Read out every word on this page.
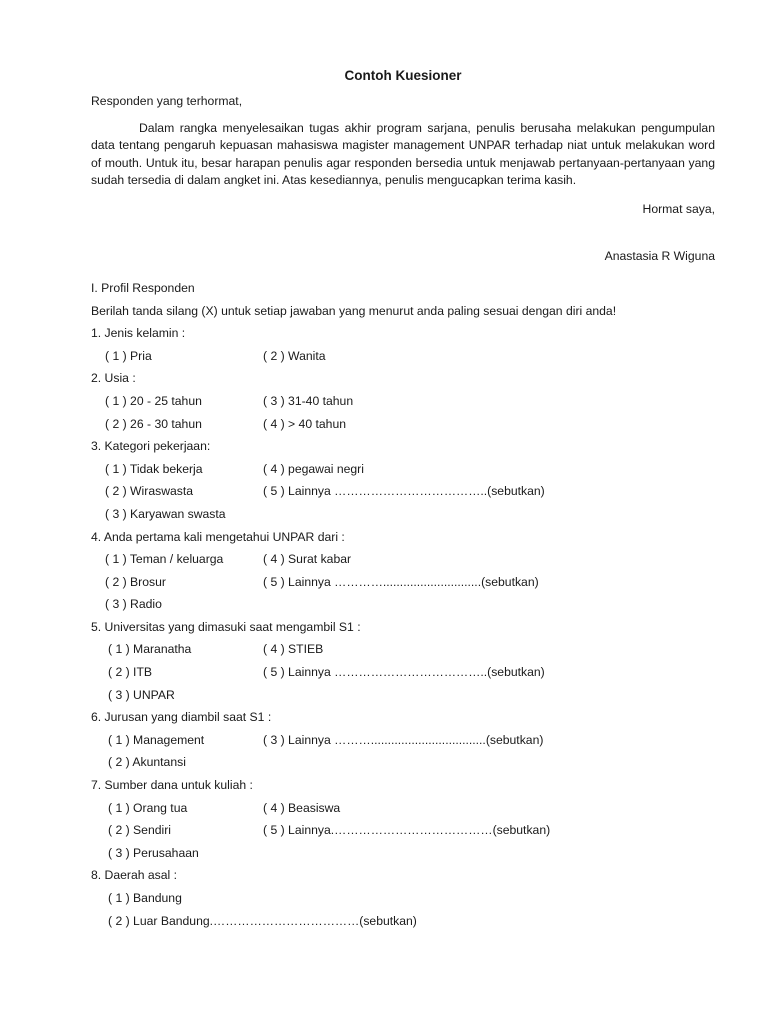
Contoh Kuesioner
Responden yang terhormat,

Dalam rangka menyelesaikan tugas akhir program sarjana, penulis berusaha melakukan pengumpulan data tentang pengaruh kepuasan mahasiswa magister management UNPAR terhadap niat untuk melakukan word of mouth. Untuk itu, besar harapan penulis agar responden bersedia untuk menjawab pertanyaan-pertanyaan yang sudah tersedia di dalam angket ini. Atas kesediannya, penulis mengucapkan terima kasih.

Hormat saya,
Anastasia R Wiguna
I. Profil Responden
Berilah tanda silang (X) untuk setiap jawaban yang menurut anda paling sesuai dengan diri anda!
1. Jenis kelamin :
( 1 ) Pria	( 2 ) Wanita
2. Usia :
( 1 ) 20 - 25 tahun	( 3 ) 31-40 tahun
( 2 ) 26 - 30 tahun	( 4 ) > 40 tahun
3. Kategori pekerjaan:
( 1 ) Tidak bekerja	( 4 ) pegawai negri
( 2 ) Wiraswasta	( 5 ) Lainnya ………………………………..(sebutkan)
( 3 ) Karyawan swasta
4. Anda pertama kali mengetahui UNPAR dari :
( 1 ) Teman / keluarga	( 4 ) Surat kabar
( 2 ) Brosur	( 5 ) Lainnya ………….............................(sebutkan)
( 3 ) Radio
5. Universitas yang dimasuki saat mengambil S1 :
( 1 ) Maranatha	( 4 ) STIEB
( 2 ) ITB	( 5 ) Lainnya ………………………………..(sebutkan)
( 3 ) UNPAR
6. Jurusan yang diambil saat S1 :
( 1 ) Management	( 3 ) Lainnya ………..................................(sebutkan)
( 2 ) Akuntansi
7. Sumber dana untuk kuliah :
( 1 ) Orang tua	( 4 ) Beasiswa
( 2 ) Sendiri	( 5 ) Lainnya.…………………………………(sebutkan)
( 3 ) Perusahaan
8. Daerah asal :
( 1 ) Bandung
( 2 ) Luar Bandung.………………………………(sebutkan)
